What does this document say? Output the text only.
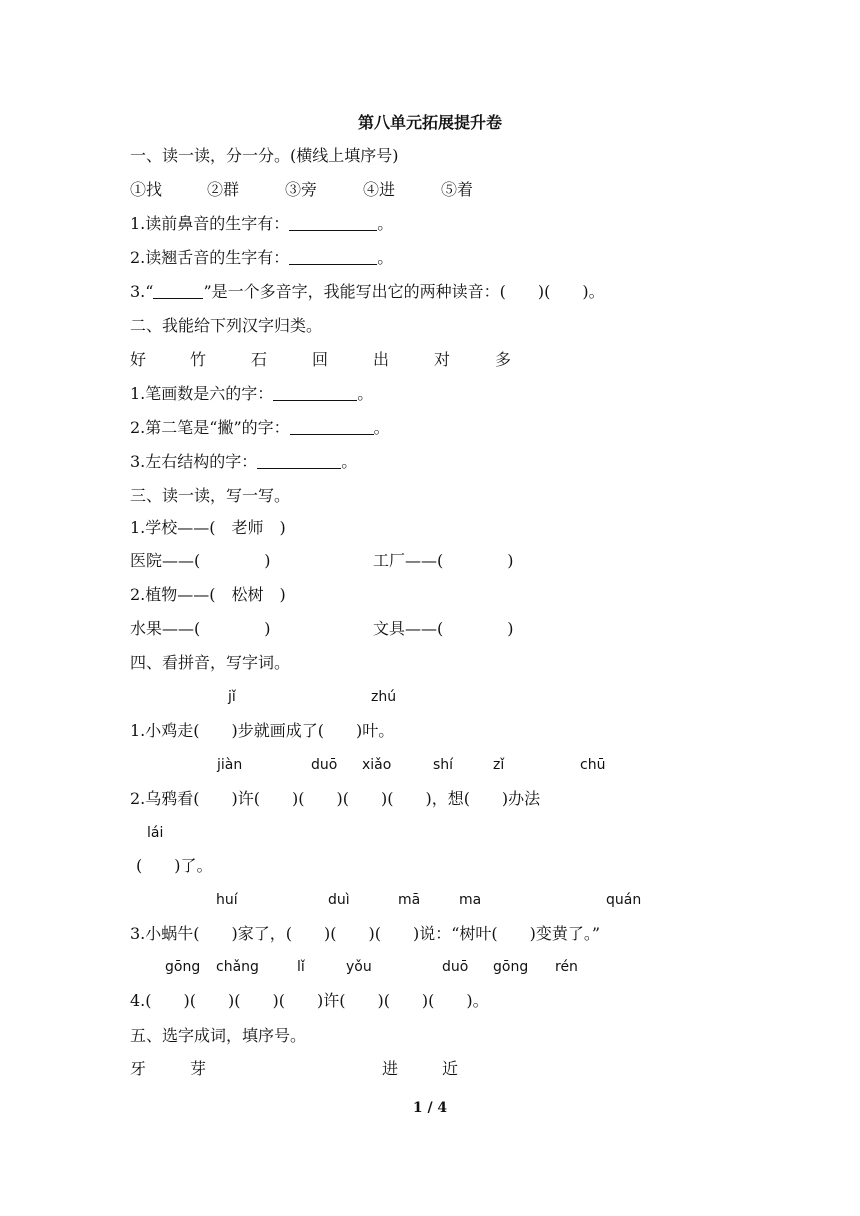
第八单元拓展提升卷
一、读一读，分一分。(横线上填序号)
①找	②群	③旁	④进	⑤着
1.读前鼻音的生字有：	。
2.读翘舌音的生字有：	。
3.“	”是一个多音字，我能写出它的两种读音：(　　)(　　)。
二、我能给下列汉字归类。
好	竹	石	回	出	对	多
1.笔画数是六的字：	。
2.第二笔是“撇”的字：	。
3.左右结构的字：	。
三、读一读，写一写。
1.学校——(　老师　)
医院——(　　　　)	工厂——(　　　　)
2.植物——(　松树　)
水果——(　　　　)	文具——(　　　　)
四、看拼音，写字词。
jǐ	zhú
1.小鸡走(　　)步就画成了(　　)叶。
jiàn	duō xiǎo	shí	zǐ	chū
2.乌鸦看(　　)许(　　)(　　)(　　)(　　)，想(　　)办法
lái
(　　)了。
huí	duì	mā	ma	quán
3.小蜗牛(　　)家了，(　　)(　　)(　　)说：“树叶(　　)变黄了。”
gōng chǎng	lǐ	yǒu	duō gōng rén
4.(　　)(　　)(　　)(　　)许(　　)(　　)(　　)。
五、选字成词，填序号。
牙	芽	进	近
1 / 4
